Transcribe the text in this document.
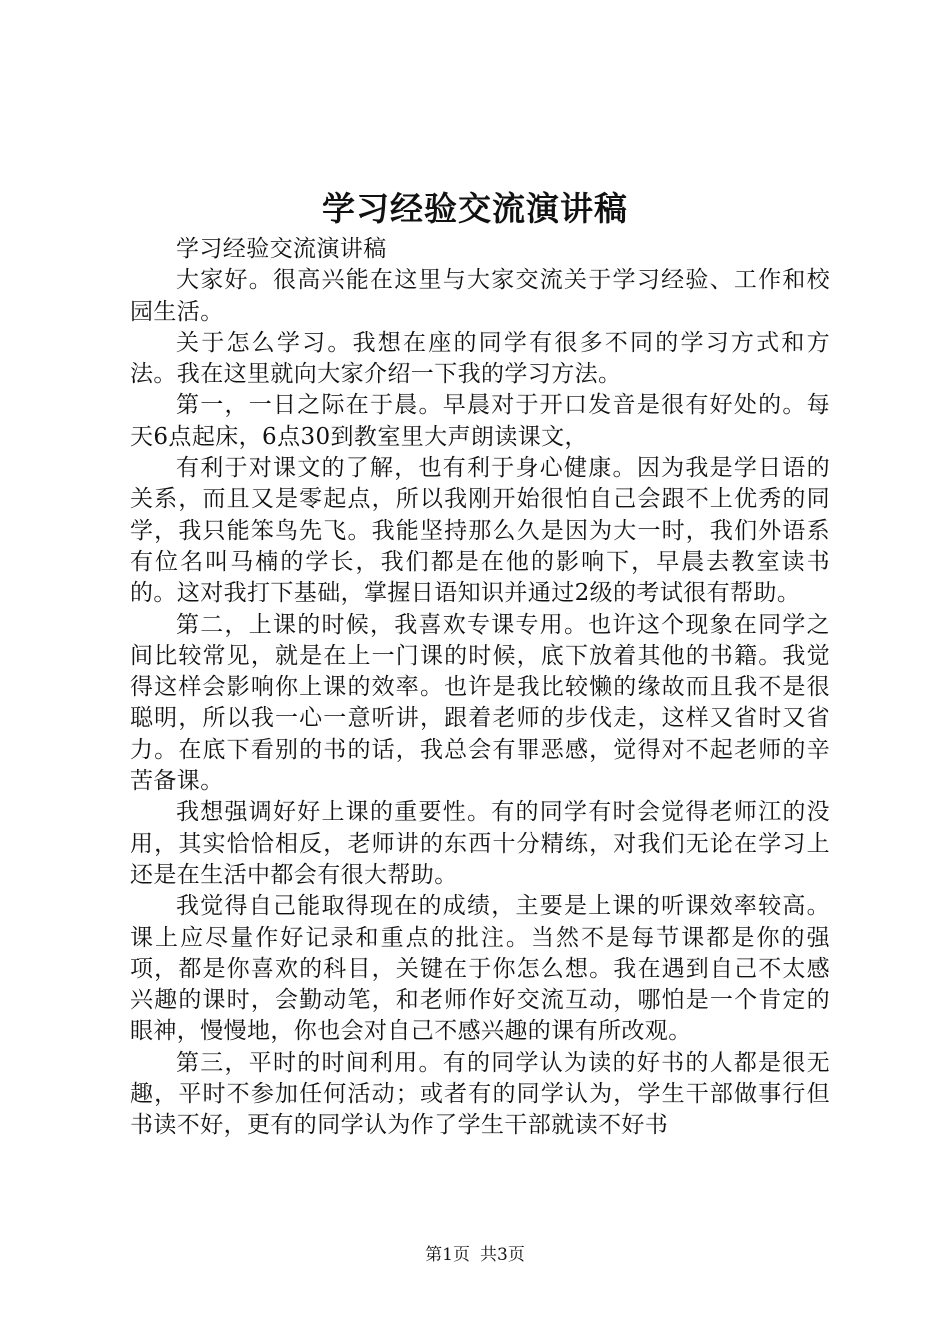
学习经验交流演讲稿

学习经验交流演讲稿

大家好。很高兴能在这里与大家交流关于学习经验、工作和校园生活。

关于怎么学习。我想在座的同学有很多不同的学习方式和方法。我在这里就向大家介绍一下我的学习方法。

第一，一日之际在于晨。早晨对于开口发音是很有好处的。每天6点起床，6点30到教室里大声朗读课文，

有利于对课文的了解，也有利于身心健康。因为我是学日语的关系，而且又是零起点，所以我刚开始很怕自己会跟不上优秀的同学，我只能笨鸟先飞。我能坚持那么久是因为大一时，我们外语系有位名叫马楠的学长，我们都是在他的影响下，早晨去教室读书的。这对我打下基础，掌握日语知识并通过2级的考试很有帮助。

第二，上课的时候，我喜欢专课专用。也许这个现象在同学之间比较常见，就是在上一门课的时候，底下放着其他的书籍。我觉得这样会影响你上课的效率。也许是我比较懒的缘故而且我不是很聪明，所以我一心一意听讲，跟着老师的步伐走，这样又省时又省力。在底下看别的书的话，我总会有罪恶感，觉得对不起老师的辛苦备课。

我想强调好好上课的重要性。有的同学有时会觉得老师江的没用，其实恰恰相反，老师讲的东西十分精练，对我们无论在学习上还是在生活中都会有很大帮助。

我觉得自己能取得现在的成绩，主要是上课的听课效率较高。课上应尽量作好记录和重点的批注。当然不是每节课都是你的强项，都是你喜欢的科目，关键在于你怎么想。我在遇到自己不太感兴趣的课时，会勤动笔，和老师作好交流互动，哪怕是一个肯定的眼神，慢慢地，你也会对自己不感兴趣的课有所改观。

第三，平时的时间利用。有的同学认为读的好书的人都是很无趣，平时不参加任何活动；或者有的同学认为，学生干部做事行但书读不好，更有的同学认为作了学生干部就读不好书

第1页 共3页
